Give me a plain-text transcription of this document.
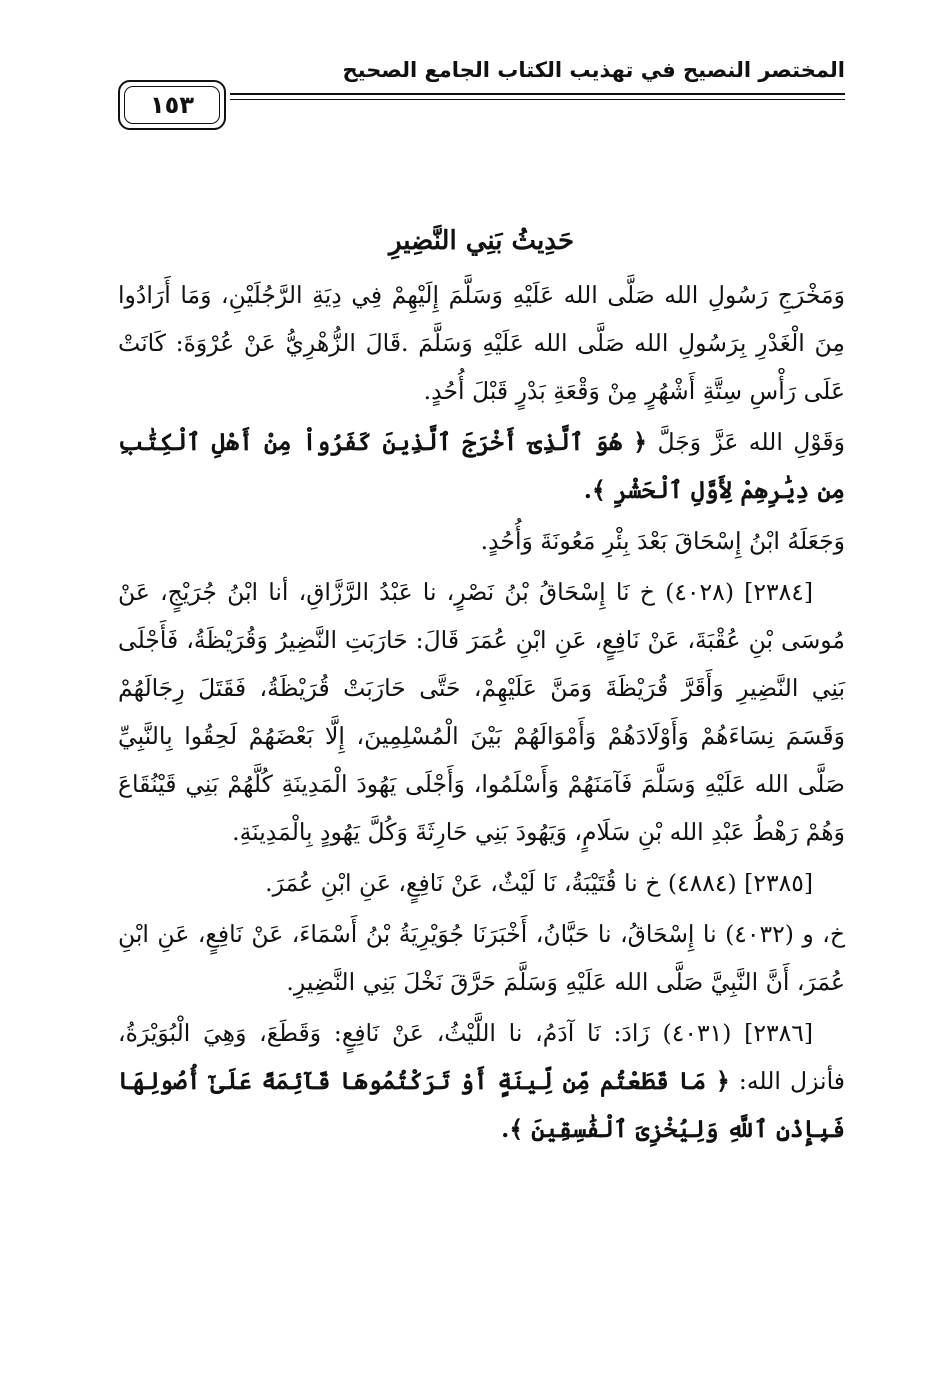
المختصر النصيح في تهذيب الكتاب الجامع الصحيح
١٥٣
حَدِيثُ بَنِي النَّضِيرِ

وَمَخْرَجِ رَسُولِ الله صَلَّى الله عَلَيْهِ وَسَلَّمَ إِلَيْهِمْ فِي دِيَةِ الرَّجُلَيْنِ، وَمَا أَرَادُوا مِنَ الْغَدْرِ بِرَسُولِ الله صَلَّى الله عَلَيْهِ وَسَلَّمَ .قَالَ الزُّهْرِيُّ عَنْ عُرْوَةَ: كَانَتْ عَلَى رَأْسِ سِتَّةِ أَشْهُرٍ مِنْ وَقْعَةِ بَدْرٍ قَبْلَ أُحُدٍ.

وَقَوْلِ الله عَزَّ وَجَلَّ ﴿ هُوَ ٱلَّذِىٓ أَخْرَجَ ٱلَّذِينَ كَفَرُواْ مِنْ أَهْلِ ٱلْكِتَٰبِ مِن دِيَٰرِهِمْ لِأَوَّلِ ٱلْحَشْرِ ﴾.

وَجَعَلَهُ ابْنُ إِسْحَاقَ بَعْدَ بِئْرِ مَعُونَةَ وَأُحُدٍ.

[٢٣٨٤] (٤٠٢٨) خ نَا إِسْحَاقُ بْنُ نَصْرٍ، نا عَبْدُ الرَّزَّاقِ، أنا ابْنُ جُرَيْجٍ، عَنْ مُوسَى بْنِ عُقْبَةَ، عَنْ نَافِعٍ، عَنِ ابْنِ عُمَرَ قَالَ: حَارَبَتِ النَّضِيرُ وَقُرَيْظَةُ، فَأَجْلَى بَنِي النَّضِيرِ وَأَقَرَّ قُرَيْظَةَ وَمَنَّ عَلَيْهِمْ، حَتَّى حَارَبَتْ قُرَيْظَةُ، فَقَتَلَ رِجَالَهُمْ وَقَسَمَ نِسَاءَهُمْ وَأَوْلَادَهُمْ وَأَمْوَالَهُمْ بَيْنَ الْمُسْلِمِينَ، إِلَّا بَعْضَهُمْ لَحِقُوا بِالنَّبِيِّ صَلَّى الله عَلَيْهِ وَسَلَّمَ فَآمَنَهُمْ وَأَسْلَمُوا، وَأَجْلَى يَهُودَ الْمَدِينَةِ كُلَّهُمْ بَنِي قَيْنُقَاعَ وَهُمْ رَهْطُ عَبْدِ الله بْنِ سَلَامٍ، وَيَهُودَ بَنِي حَارِثَةَ وَكُلَّ يَهُودٍ بِالْمَدِينَةِ.

[٢٣٨٥] (٤٨٨٤) خ نا قُتَيْبَةُ، نَا لَيْثٌ، عَنْ نَافِعٍ، عَنِ ابْنِ عُمَرَ.

خ، و (٤٠٣٢) نا إِسْحَاقُ، نا حَبَّانُ، أَخْبَرَنَا جُوَيْرِيَةُ بْنُ أَسْمَاءَ، عَنْ نَافِعٍ، عَنِ ابْنِ عُمَرَ، أَنَّ النَّبِيَّ صَلَّى الله عَلَيْهِ وَسَلَّمَ حَرَّقَ نَخْلَ بَنِي النَّضِيرِ.

[٢٣٨٦] (٤٠٣١) زَادَ: نَا آدَمُ، نا اللَّيْثُ، عَنْ نَافِعٍ: وَقَطَعَ، وَهِيَ الْبُوَيْرَةُ، فأنزل الله: ﴿ مَا قَطَعْتُم مِّن لِّينَةٍ أَوْ تَرَكْتُمُوهَا قَآئِمَةً عَلَىٰٓ أُصُولِهَا فَبِإِذْنِ ٱللَّهِ وَلِيُخْزِىَ ٱلْفَٰسِقِينَ ﴾.
